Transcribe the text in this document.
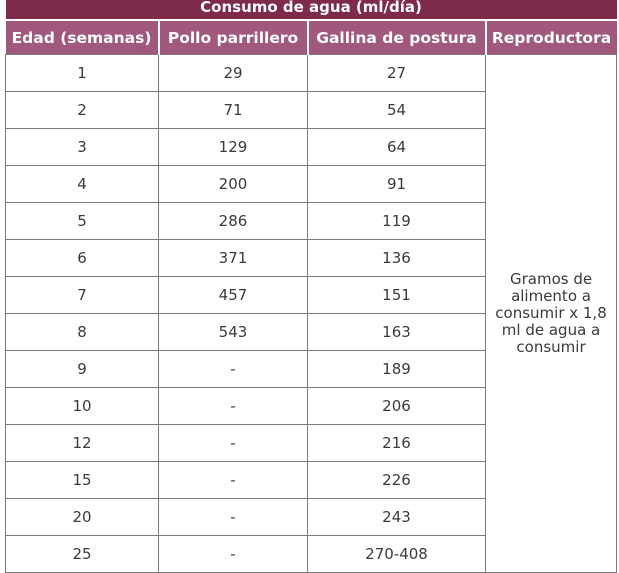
Consumo de agua (ml/día)			
Edad (semanas)	Pollo parrillero	Gallina de postura	Reproductora
1	29	27	Gramos de alimento a consumir x 1,8 ml de agua a consumir
2	71	54	
3	129	64	
4	200	91	
5	286	119	
6	371	136	
7	457	151	
8	543	163	
9	-	189	
10	-	206	
12	-	216	
15	-	226	
20	-	243	
25	-	270-408	
